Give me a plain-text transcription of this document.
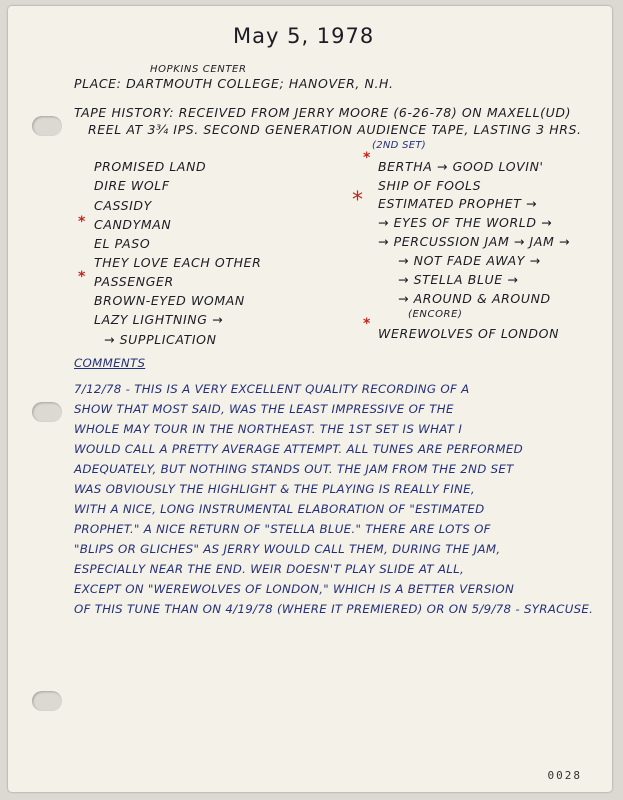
May 5, 1978
HOPKINS CENTER
PLACE: DARTMOUTH COLLEGE; HANOVER, N.H.
TAPE HISTORY: RECEIVED FROM JERRY MOORE (6-26-78) ON MAXELL(UD)
REEL AT 3¾ IPS. SECOND GENERATION AUDIENCE TAPE, LASTING 3 HRS.
PROMISED LAND
DIRE WOLF
CASSIDY
* CANDYMAN
EL PASO
THEY LOVE EACH OTHER
* PASSENGER
BROWN-EYED WOMAN
LAZY LIGHTNING →
→ SUPPLICATION
(2ND SET)
*
BERTHA → GOOD LOVIN'
SHIP OF FOOLS
* ESTIMATED PROPHET →
→ EYES OF THE WORLD →
→ PERCUSSION JAM → JAM →
→ NOT FADE AWAY →
→ STELLA BLUE →
→ AROUND & AROUND
(ENCORE)
*
WEREWOLVES OF LONDON
COMMENTS
7/12/78 - THIS IS A VERY EXCELLENT QUALITY RECORDING OF A
SHOW THAT MOST SAID, WAS THE LEAST IMPRESSIVE OF THE
WHOLE MAY TOUR IN THE NORTHEAST. THE 1ST SET IS WHAT I
WOULD CALL A PRETTY AVERAGE ATTEMPT. ALL TUNES ARE PERFORMED
ADEQUATELY, BUT NOTHING STANDS OUT. THE JAM FROM THE 2ND SET
WAS OBVIOUSLY THE HIGHLIGHT & THE PLAYING IS REALLY FINE,
WITH A NICE, LONG INSTRUMENTAL ELABORATION OF "ESTIMATED
PROPHET." A NICE RETURN OF "STELLA BLUE." THERE ARE LOTS OF
"BLIPS OR GLICHES" AS JERRY WOULD CALL THEM, DURING THE JAM,
ESPECIALLY NEAR THE END. WEIR DOESN'T PLAY SLIDE AT ALL,
EXCEPT ON "WEREWOLVES OF LONDON," WHICH IS A BETTER VERSION
OF THIS TUNE THAN ON 4/19/78 (WHERE IT PREMIERED) OR ON 5/9/78 - SYRACUSE.
0028
